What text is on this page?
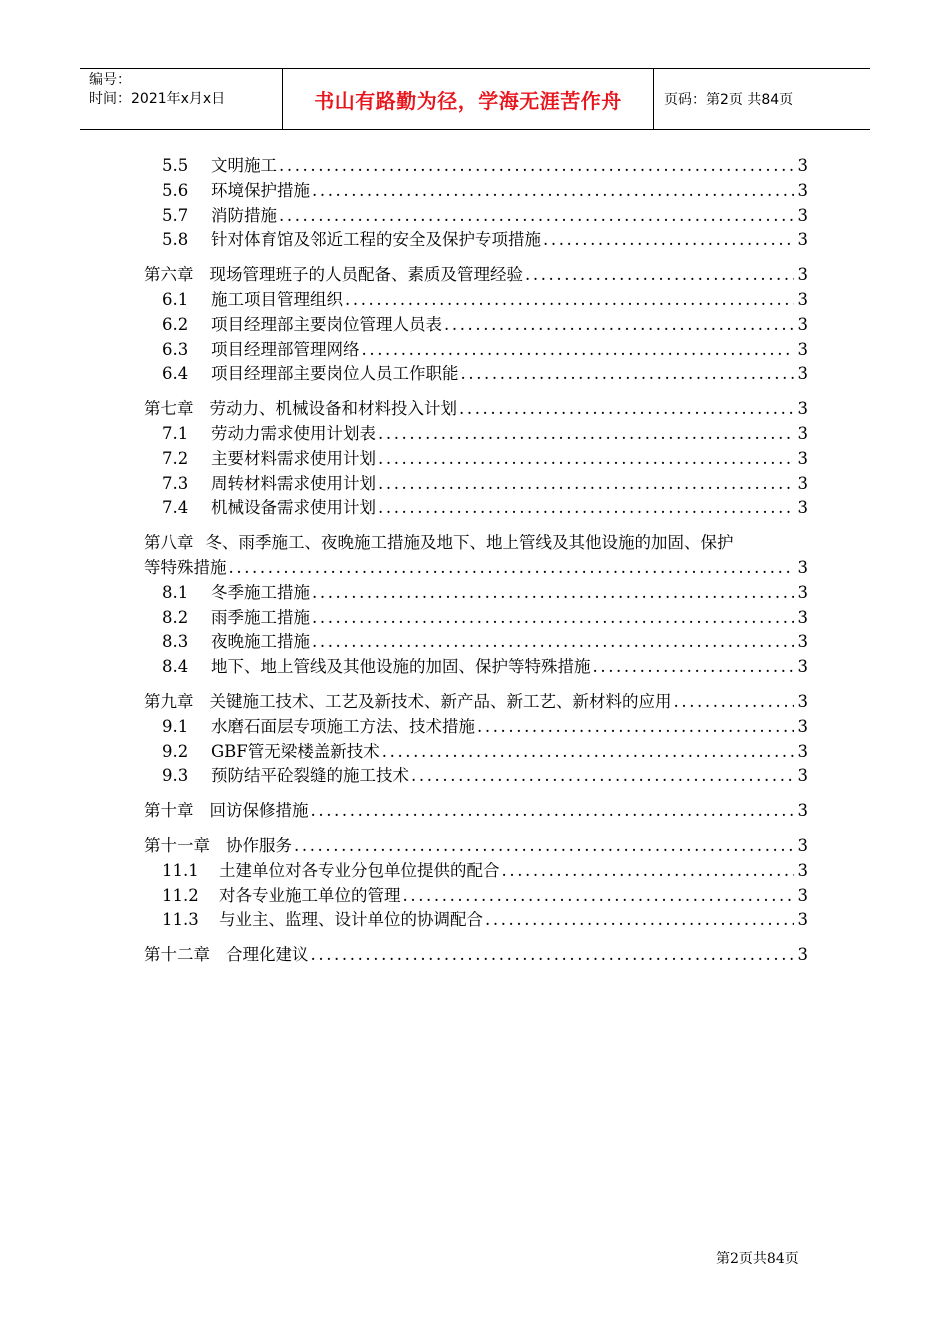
编号：
时间：2021年x月x日	书山有路勤为径，学海无涯苦作舟	页码：第2页 共84页
5.5	文明施工 .....	3
5.6	环境保护措施 .....	3
5.7	消防措施 .....	3
5.8	针对体育馆及邻近工程的安全及保护专项措施 .....	3
第六章 现场管理班子的人员配备、素质及管理经验 .....	3
6.1	施工项目管理组织 .....	3
6.2	项目经理部主要岗位管理人员表 .....	3
6.3	项目经理部管理网络 .....	3
6.4	项目经理部主要岗位人员工作职能 .....	3
第七章 劳动力、机械设备和材料投入计划 .....	3
7.1	劳动力需求使用计划表 .....	3
7.2	主要材料需求使用计划 .....	3
7.3	周转材料需求使用计划 .....	3
7.4	机械设备需求使用计划 .....	3
第八章 冬、雨季施工、夜晚施工措施及地下、地上管线及其他设施的加固、保护
等特殊措施 .....	3
8.1	冬季施工措施 .....	3
8.2	雨季施工措施 .....	3
8.3	夜晚施工措施 .....	3
8.4	地下、地上管线及其他设施的加固、保护等特殊措施 .....	3
第九章 关键施工技术、工艺及新技术、新产品、新工艺、新材料的应用 .....	3
9.1	水磨石面层专项施工方法、技术措施 .....	3
9.2	GBF管无梁楼盖新技术 .....	3
9.3	预防结平砼裂缝的施工技术 .....	3
第十章 回访保修措施 .....	3
第十一章 协作服务 .....	3
11.1	土建单位对各专业分包单位提供的配合 .....	3
11.2	对各专业施工单位的管理 .....	3
11.3	与业主、监理、设计单位的协调配合 .....	3
第十二章 合理化建议 .....	3
第2页共84页
